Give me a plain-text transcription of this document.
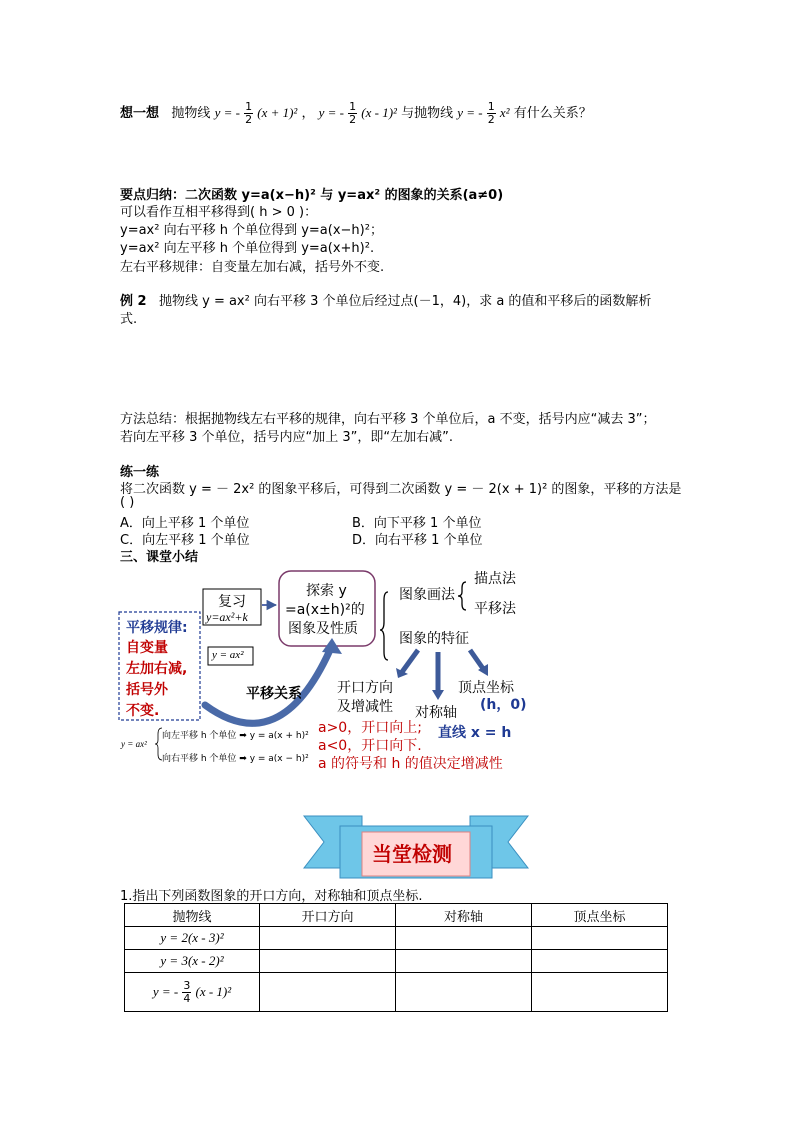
想一想 抛物线 y = - $\frac{1}{2} (x + 1)^2$ ， y = - $\frac{1}{2} (x - 1)^2$ 与抛物线 y = - $\frac{1}{2} x^2$ 有什么关系？
要点归纳：二次函数 y=a(x−h)² 与 y=ax² 的图象的关系(a≠0)
可以看作互相平移得到( h > 0 )：
y=ax² 向右平移 h 个单位得到 y=a(x−h)²；
y=ax² 向左平移 h 个单位得到 y=a(x+h)².
左右平移规律：自变量左加右减，括号外不变.
例 2 抛物线 y = ax² 向右平移 3 个单位后经过点(－1，4)，求 a 的值和平移后的函数解析
式.
方法总结：根据抛物线左右平移的规律，向右平移 3 个单位后，a 不变，括号内应“减去 3”；
若向左平移 3 个单位，括号内应“加上 3”，即“左加右减”.
练一练
将二次函数 y = － 2x² 的图象平移后，可得到二次函数 y = － 2(x + 1)² 的图象，平移的方法是
( )
A．向上平移 1 个单位	B．向下平移 1 个单位
C．向左平移 1 个单位	D．向右平移 1 个单位
三、课堂小结
复习
y=ax²+k
探索 y
=a(x±h)²的
图象及性质
平移规律:
自变量
左加右减,
括号外
不变.
y = ax²
平移关系
图象画法
描点法
平移法
图象的特征
开口方向
及增减性 对称轴
顶点坐标
(h，0)
直线 x = h
a>0，开口向上;
a<0，开口向下.
a 的符号和 h 的值决定增减性
y = ax²
向左平移 h 个单位 ➡ y = a(x + h)²
向右平移 h 个单位 ➡ y = a(x − h)²
当堂检测
1.指出下列函数图象的开口方向，对称轴和顶点坐标.
抛物线	开口方向	对称轴	顶点坐标
y = 2(x - 3)²			
y = 3(x - 2)²			
y = - $\frac{3}{4} (x - 1)^2$			
